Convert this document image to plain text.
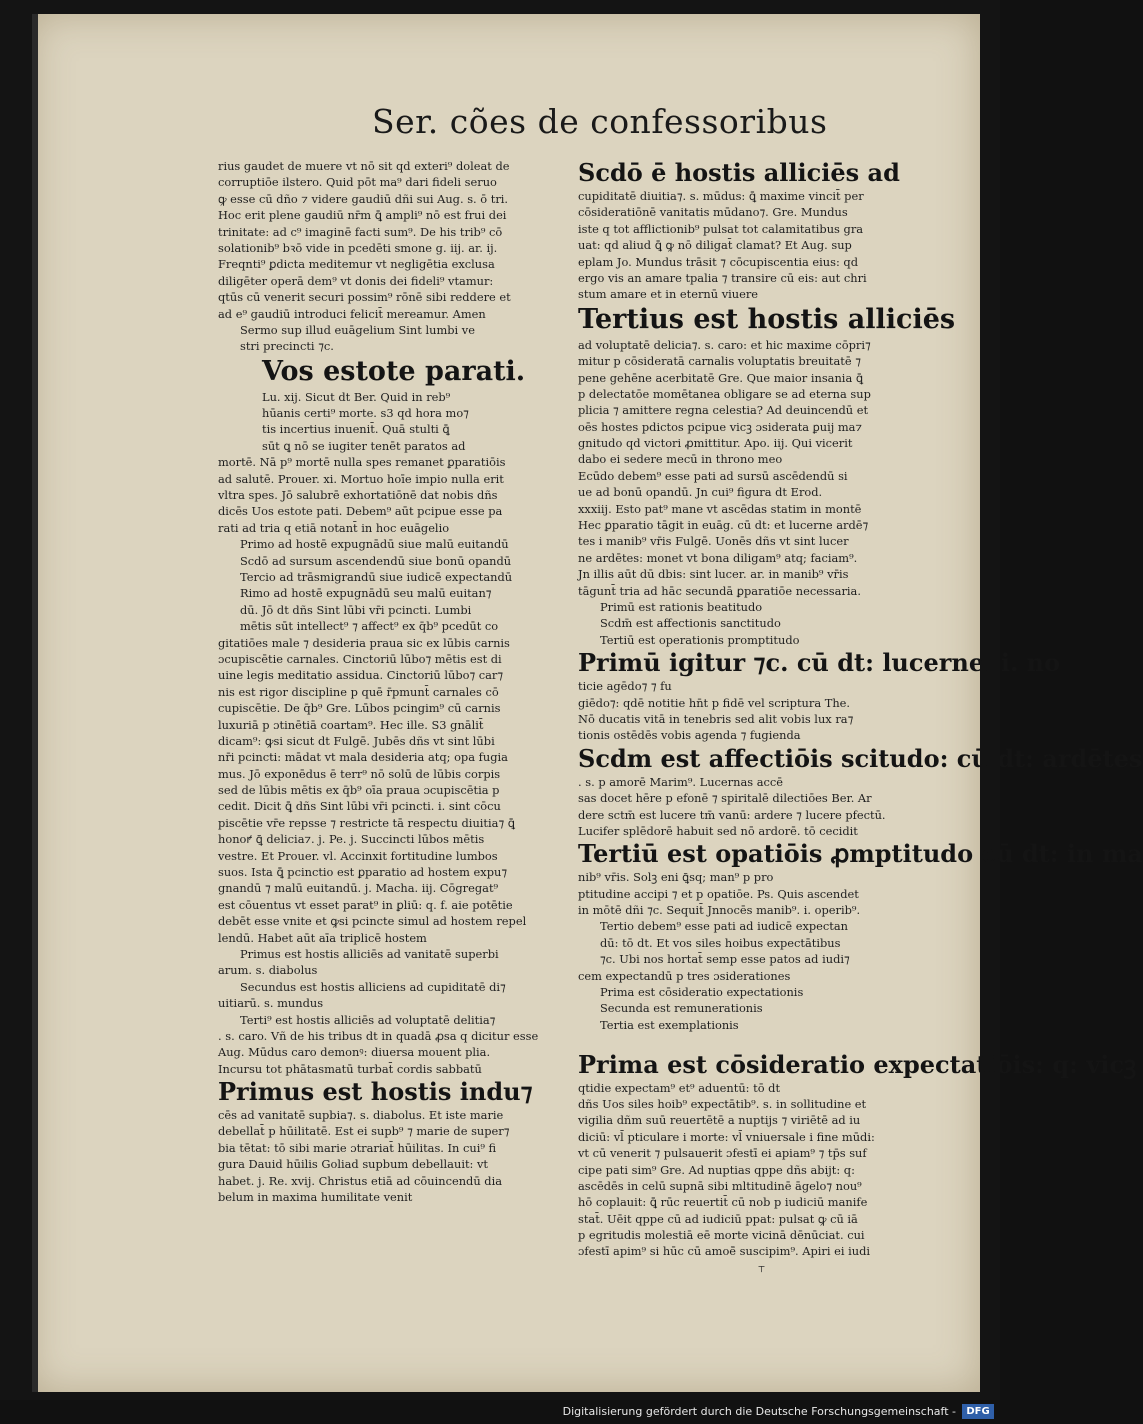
Ser. cões de confessoribus
rius gaudet de muere vt nō sit qd exteri⁹ doleat de
corruptiōe ilstero. Quid pōt ma⁹ dari fideli seruo
ꝙ esse cū dño ⁊ videre gaudiū dñi sui Aug. s. ō tri.
Hoc erit plene gaudiū nr̄m ꝗ̄ ampli⁹ nō est frui dei
trinitate: ad c⁹ imaginē facti sum⁹. De his trib⁹ cō
solationib⁹ bꝛō vide in pcedēti smone g. iij. ar. ij.
Freqnti⁹ ꝑdicta meditemur vt negligētia exclusa
diligēter operā dem⁹ vt donis dei fideli⁹ vtamur:
qtūs cū venerit securi possim⁹ rōnē sibi reddere et
ad e⁹ gaudiū introduci felicit̄ mereamur. Amen
Sermo sup illud euāgelium Sint lumbi ve
stri precincti ⁊c.
Vos estote parati.
Lu. xij. Sicut dt Ber. Quid in reb⁹
hūanis certi⁹ morte. s3 qd hora mo⁊
tis incertius inuenit̄. Quā stulti ꝗ̄
sūt ꝗ nō se iugiter tenēt paratos ad
mortē. Nā p⁹ mortē nulla spes remanet ꝑparatiōis
ad salutē. Prouer. xi. Mortuo hoīe impio nulla erit
vltra spes. Jō salubrē exhortatiōnē dat nobis dñs
dicēs Uos estote pati. Debem⁹ aūt pcipue esse pa
rati ad tria q etiā notant̄ in hoc euāgelio
Primo ad hostē expugnādū siue malū euitandū
Scdō ad sursum ascendendū siue bonū opandū
Tercio ad trāsmigrandū siue iudicē expectandū
Rimo ad hostē expugnādū seu malū euitan⁊
dū. Jō dt dñs Sint lūbi vr̄i pcincti. Lumbi
mētis sūt intellect⁹ ⁊ affect⁹ ex q̄b⁹ pcedūt co
gitatiōes male ⁊ desideria praua sic ex lūbis carnis
ɔcupiscētie carnales. Cinctoriū lūbo⁊ mētis est di
uine legis meditatio assidua. Cinctoriū lūbo⁊ car⁊
nis est rigor discipline p quē r̄pmunt̄ carnales cō
cupiscētie. De q̄b⁹ Gre. Lūbos pcingim⁹ cū carnis
luxuriā p ɔtinētiā coartam⁹. Hec ille. S3 gnālit̄
dicam⁹: ꝙsi sicut dt Fulgē. Jubēs dñs vt sint lūbi
nr̄i pcincti: mādat vt mala desideria atq; opa fugia
mus. Jō exponēdus ē terr⁹ nō solū de lūbis corpis
sed de lūbis mētis ex q̄b⁹ oīa praua ɔcupiscētia p
cedit. Dicit ꝗ̄ dñs Sint lūbi vr̄i pcincti. i. sint cōcu
piscētie vr̄e repsse ⁊ restricte tā respectu diuitia⁊ ꝗ̄
honoꝵ ꝗ̄ delicia⁊. j. Pe. j. Succincti lūbos mētis
vestre. Et Prouer. vl. Accinxit fortitudine lumbos
suos. Ista ꝗ̄ pcinctio est ꝑparatio ad hostem expu⁊
gnandū ⁊ malū euitandū. j. Macha. iij. Cōgregat⁹
est cōuentus vt esset parat⁹ in ꝑliū: q. f. aie potētie
debēt esse vnite et ꝙsi pcincte simul ad hostem repel
lendū. Habet aūt aīa triplicē hostem
Primus est hostis alliciēs ad vanitatē superbi
arum. s. diabolus
Secundus est hostis alliciens ad cupiditatē di⁊
uitiarū. s. mundus
Terti⁹ est hostis alliciēs ad voluptatē delitia⁊
. s. caro. Vñ de his tribus dt in quadā ꝓsa q dicitur esse
Aug. Mūdus caro demonꝰ: diuersa mouent plia.
Incursu tot phātasmatū turbat̄ cordis sabbatū
Primus est hostis indu⁊
cēs ad vanitatē supbia⁊. s. diabolus. Et iste marie
debellat̄ p hūilitatē. Est ei supb⁹ ⁊ marie de super⁊
bia tētat: tō sibi marie ɔtrariat̄ hūilitas. In cui⁹ fi
gura Dauid hūilis Goliad supbum debellauit: vt
habet. j. Re. xvij. Christus etiā ad cōuincendū dia
belum in maxima humilitate venit
Scdō ē hostis alliciēs ad
cupiditatē diuitia⁊. s. mūdus: ꝗ̄ maxime vincit̄ per
cōsideratiōnē vanitatis mūdano⁊. Gre. Mundus
iste q tot afflictionib⁹ pulsat tot calamitatibus gra
uat: qd aliud ꝗ̄ ꝙ nō diligat̄ clamat? Et Aug. sup
eplam Jo. Mundus trāsit ⁊ cōcupiscentia eius: qd
ergo vis an amare tpalia ⁊ transire cū eis: aut chri
stum amare et in eternū viuere
Tertius est hostis alliciēs
ad voluptatē delicia⁊. s. caro: et hic maxime cōpri⁊
mitur p cōsideratā carnalis voluptatis breuitatē ⁊
pene gehēne acerbitatē Gre. Que maior insania ꝗ̄
p delectatōe momētanea obligare se ad eterna sup
plicia ⁊ amittere regna celestia? Ad deuincendū et
oēs hostes pdictos pcipue vicꝫ ɔsiderata ꝑuij ma⁊
gnitudo qd victori ꝓmittitur. Apo. iij. Qui vicerit
dabo ei sedere mecū in throno meo
Ecūdo debem⁹ esse pati ad sursū ascēdendū si
ue ad bonū opandū. Jn cui⁹ figura dt Erod.
xxxiij. Esto pat⁹ mane vt ascēdas statim in montē
Hec ꝑparatio tāgit in euāg. cū dt: et lucerne ardē⁊
tes i manib⁹ vr̄is Fulgē. Uonēs dñs vt sint lucer
ne ardētes: monet vt bona diligam⁹ atq; faciam⁹.
Jn illis aūt dū dbis: sint lucer. ar. in manib⁹ vr̄is
tāgunt̄ tria ad hāc secundā ꝑparatiōe necessaria.
Primū est rationis beatitudo
Scdm̄ est affectionis sanctitudo
Tertiū est operationis promptitudo
Primū igitur ⁊c. cū dt: lucerne. i. no
ticie agēdo⁊ ⁊ fu
giēdo⁊: qdē notitie hn̄t p fidē vel scriptura The.
Nō ducatis vitā in tenebris sed alit vobis lux ra⁊
tionis ostēdēs vobis agenda ⁊ fugienda
Scdm est affectiōis scitudo: cū dt: ardētes
. s. p amorē Marim⁹. Lucernas accē
sas docet hēre p efonē ⁊ spiritalē dilectiōes Ber. Ar
dere sctm̄ est lucere tm̄ vanū: ardere ⁊ lucere pfectū.
Lucifer splēdorē habuit sed nō ardorē. tō cecidit
Tertiū est opatiōis ꝓmptitudo cū dt: in ma
nib⁹ vr̄is. Solꝫ eni ꝗ̄sq; man⁹ p pro
ptitudine accipi ⁊ et p opatiōe. Ps. Quis ascendet
in mōtē dñi ⁊c. Sequit̄ Jnnocēs manib⁹. i. operib⁹.
Tertio debem⁹ esse pati ad iudicē expectan
dū: tō dt. Et vos siles hoibus expectātibus
⁊c. Ubi nos hortat̄ semp esse patos ad iudi⁊
cem expectandū p tres ɔsiderationes
Prima est cōsideratio expectationis
Secunda est remunerationis
Tertia est exemplationis
Prima est cōsideratio expectatiōis: q: vicꝫ
qtidie expectam⁹ et⁹ aduentū: tō dt
dñs Uos siles hoib⁹ expectātib⁹. s. in sollitudine et
vigilia dñm suū reuertētē a nuptijs ⁊ viriētē ad iu
diciū: vl̄ pticulare i morte: vl̄ vniuersale i fine mūdi:
vt cū venerit ⁊ pulsauerit ɔfestī ei apiam⁹ ⁊ tp̄s suf
cipe pati sim⁹ Gre. Ad nuptias qppe dñs abijt: q:
ascēdēs in celū supnā sibi mltitudinē āgelo⁊ nou⁹
hō coplauit: ꝗ̄ rūc reuertit̄ cū nob p iudiciū manife
stat̄. Uēit qppe cū ad iudiciū ppat: pulsat ꝙ cū iā
p egritudis molestiā eē morte vicinā dēnūciat. cui
ɔfestī apim⁹ si hūc cū amoē̄ suscipim⁹. Apiri ei iudi
⸆
Digitalisierung gefördert durch die Deutsche Forschungsgemeinschaft -	DFG
